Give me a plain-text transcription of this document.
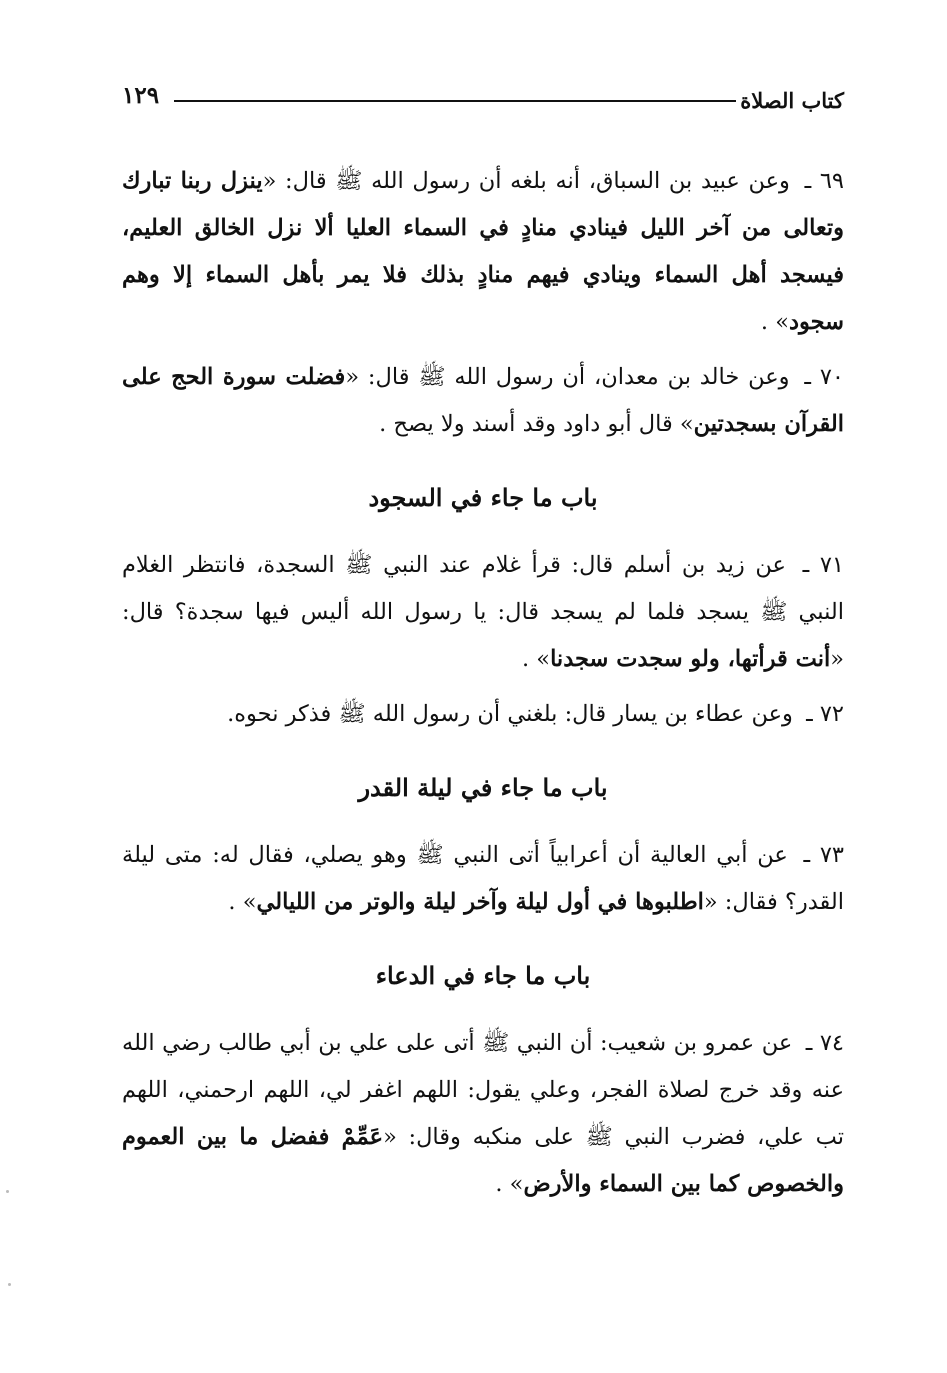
كتاب الصلاة
١٢٩

٦٩ ـ وعن عبيد بن السباق، أنه بلغه أن رسول الله ﷺ قال: «ينزل ربنا تبارك وتعالى من آخر الليل فينادي منادٍ في السماء العليا ألا نزل الخالق العليم، فيسجد أهل السماء وينادي فيهم منادٍ بذلك فلا يمر بأهل السماء إلا وهم سجود» .

٧٠ ـ وعن خالد بن معدان، أن رسول الله ﷺ قال: «فضلت سورة الحج على القرآن بسجدتين» قال أبو داود وقد أسند ولا يصح .

باب ما جاء في السجود

٧١ ـ عن زيد بن أسلم قال: قرأ غلام عند النبي ﷺ السجدة، فانتظر الغلام النبي ﷺ يسجد فلما لم يسجد قال: يا رسول الله أليس فيها سجدة؟ قال: «أنت قرأتها، ولو سجدت سجدنا» .

٧٢ ـ وعن عطاء بن يسار قال: بلغني أن رسول الله ﷺ فذكر نحوه.

باب ما جاء في ليلة القدر

٧٣ ـ عن أبي العالية أن أعرابياً أتى النبي ﷺ وهو يصلي، فقال له: متى ليلة القدر؟ فقال: «اطلبوها في أول ليلة وآخر ليلة والوتر من الليالي» .

باب ما جاء في الدعاء

٧٤ ـ عن عمرو بن شعيب: أن النبي ﷺ أتى على علي بن أبي طالب رضي الله عنه وقد خرج لصلاة الفجر، وعلي يقول: اللهم اغفر لي، اللهم ارحمني، اللهم تب علي، فضرب النبي ﷺ على منكبه وقال: «عَمِّمْ ففضل ما بين العموم والخصوص كما بين السماء والأرض» .
